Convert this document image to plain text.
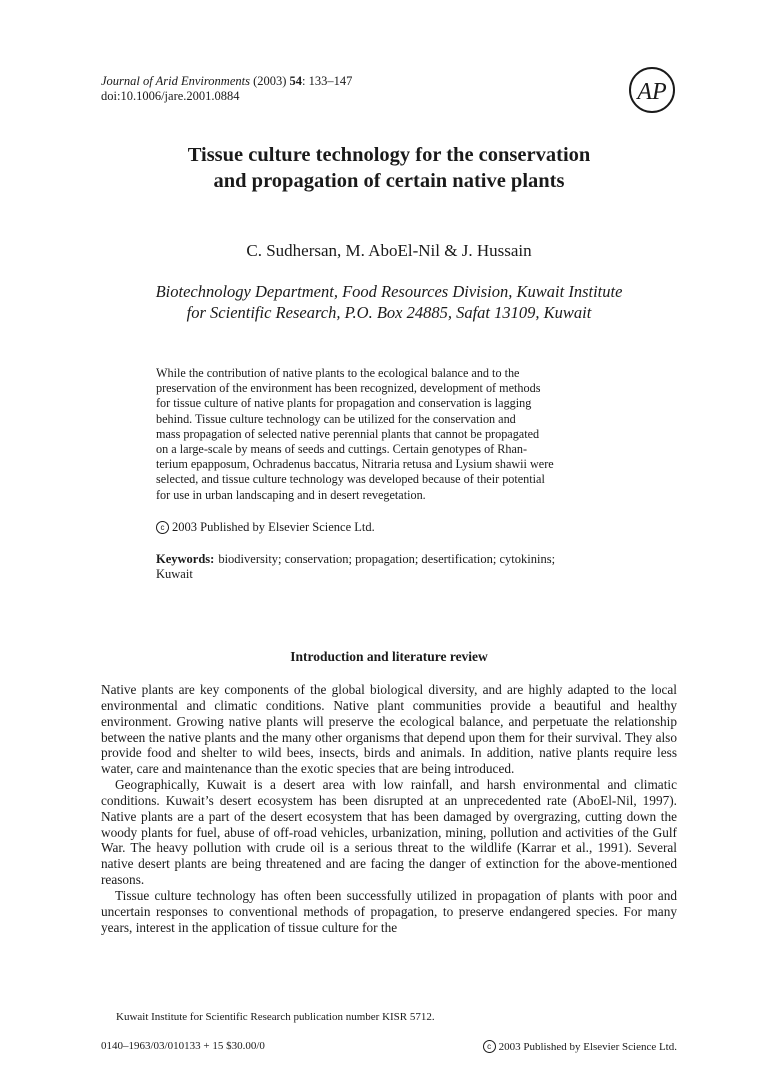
Journal of Arid Environments (2003) 54: 133–147
doi:10.1006/jare.2001.0884	AP
Tissue culture technology for the conservation
and propagation of certain native plants
C. Sudhersan, M. AboEl-Nil & J. Hussain
Biotechnology Department, Food Resources Division, Kuwait Institute
for Scientific Research, P.O. Box 24885, Safat 13109, Kuwait
While the contribution of native plants to the ecological balance and to the
preservation of the environment has been recognized, development of methods
for tissue culture of native plants for propagation and conservation is lagging
behind. Tissue culture technology can be utilized for the conservation and
mass propagation of selected native perennial plants that cannot be propagated
on a large-scale by means of seeds and cuttings. Certain genotypes of Rhan-
terium epapposum, Ochradenus baccatus, Nitraria retusa and Lysium shawii were
selected, and tissue culture technology was developed because of their potential
for use in urban landscaping and in desert revegetation.
c 2003 Published by Elsevier Science Ltd.
Keywords: biodiversity; conservation; propagation; desertification; cytokinins;
Kuwait
Introduction and literature review

Native plants are key components of the global biological diversity, and are highly adapted to the local environmental and climatic conditions. Native plant communities provide a beautiful and healthy environment. Growing native plants will preserve the ecological balance, and perpetuate the relationship between the native plants and the many other organisms that depend upon them for their survival. They also provide food and shelter to wild bees, insects, birds and animals. In addition, native plants require less water, care and maintenance than the exotic species that are being introduced.

Geographically, Kuwait is a desert area with low rainfall, and harsh environmental and climatic conditions. Kuwait’s desert ecosystem has been disrupted at an unprecedented rate (AboEl-Nil, 1997). Native plants are a part of the desert ecosystem that has been damaged by overgrazing, cutting down the woody plants for fuel, abuse of off-road vehicles, urbanization, mining, pollution and activities of the Gulf War. The heavy pollution with crude oil is a serious threat to the wildlife (Karrar et al., 1991). Several native desert plants are being threatened and are facing the danger of extinction for the above-mentioned reasons.

Tissue culture technology has often been successfully utilized in propagation of plants with poor and uncertain responses to conventional methods of propagation, to preserve endangered species. For many years, interest in the application of tissue culture for the

Kuwait Institute for Scientific Research publication number KISR 5712.
0140–1963/03/010133 + 15 $30.00/0	c 2003 Published by Elsevier Science Ltd.
